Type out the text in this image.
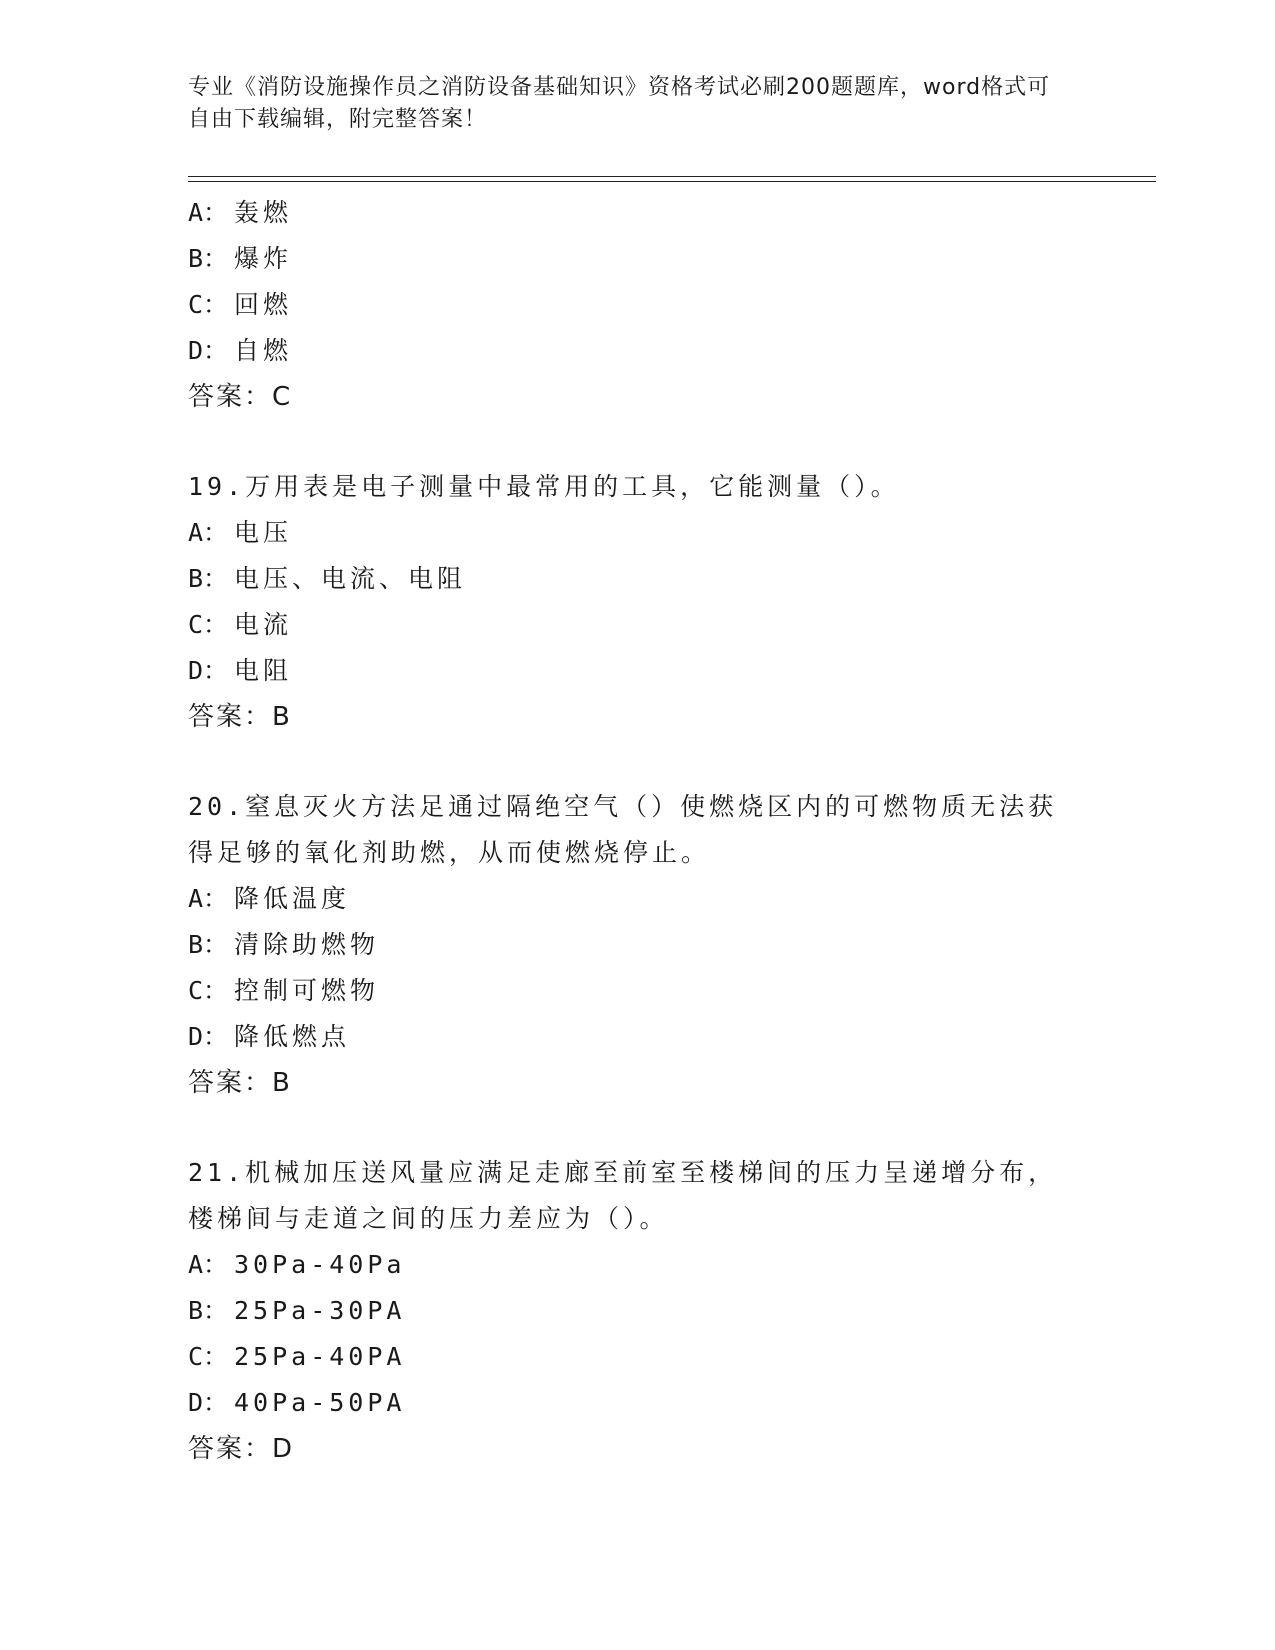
专业《消防设施操作员之消防设备基础知识》资格考试必刷200题题库，word格式可自由下载编辑，附完整答案！
A： 轰燃
B： 爆炸
C： 回燃
D： 自燃
答案：C
19.万用表是电子测量中最常用的工具，它能测量（）。
A： 电压
B： 电压、电流、电阻
C： 电流
D： 电阻
答案：B
20.窒息灭火方法足通过隔绝空气（）使燃烧区内的可燃物质无法获得足够的氧化剂助燃，从而使燃烧停止。
A： 降低温度
B： 清除助燃物
C： 控制可燃物
D： 降低燃点
答案：B
21.机械加压送风量应满足走廊至前室至楼梯间的压力呈递增分布，楼梯间与走道之间的压力差应为（）。
A： 30Pa-40Pa
B： 25Pa-30PA
C： 25Pa-40PA
D： 40Pa-50PA
答案：D
